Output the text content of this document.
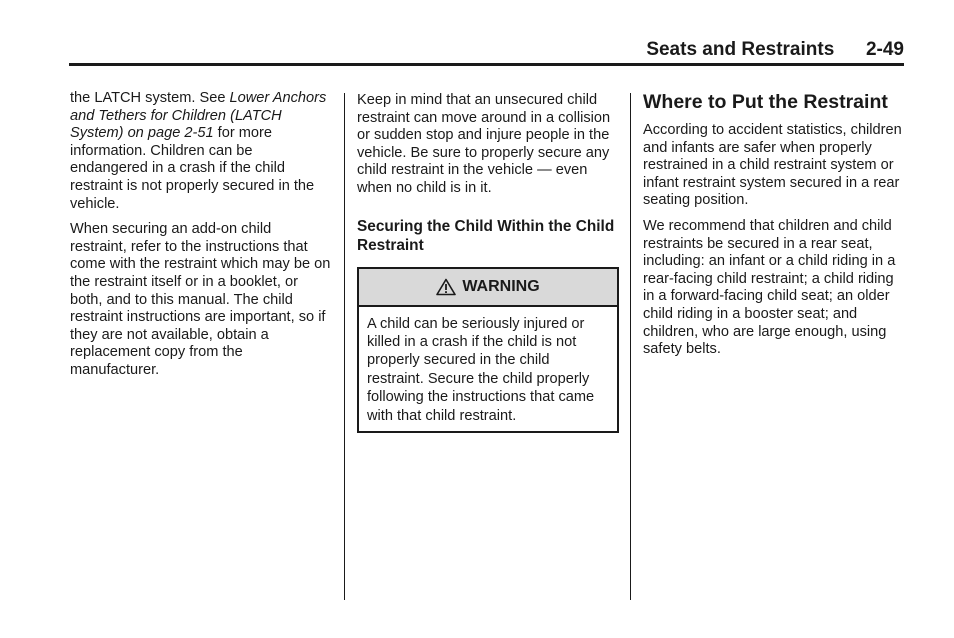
Seats and Restraints 2-49

the LATCH system. See Lower Anchors and Tethers for Children (LATCH System) on page 2-51 for more information. Children can be endangered in a crash if the child restraint is not properly secured in the vehicle.

When securing an add-on child restraint, refer to the instructions that come with the restraint which may be on the restraint itself or in a booklet, or both, and to this manual. The child restraint instructions are important, so if they are not available, obtain a replacement copy from the manufacturer.

Keep in mind that an unsecured child restraint can move around in a collision or sudden stop and injure people in the vehicle. Be sure to properly secure any child restraint in the vehicle — even when no child is in it.

Securing the Child Within the Child Restraint
WARNING
A child can be seriously injured or killed in a crash if the child is not properly secured in the child restraint. Secure the child properly following the instructions that came with that child restraint.
Where to Put the Restraint

According to accident statistics, children and infants are safer when properly restrained in a child restraint system or infant restraint system secured in a rear seating position.

We recommend that children and child restraints be secured in a rear seat, including: an infant or a child riding in a rear-facing child restraint; a child riding in a forward-facing child seat; an older child riding in a booster seat; and children, who are large enough, using safety belts.
